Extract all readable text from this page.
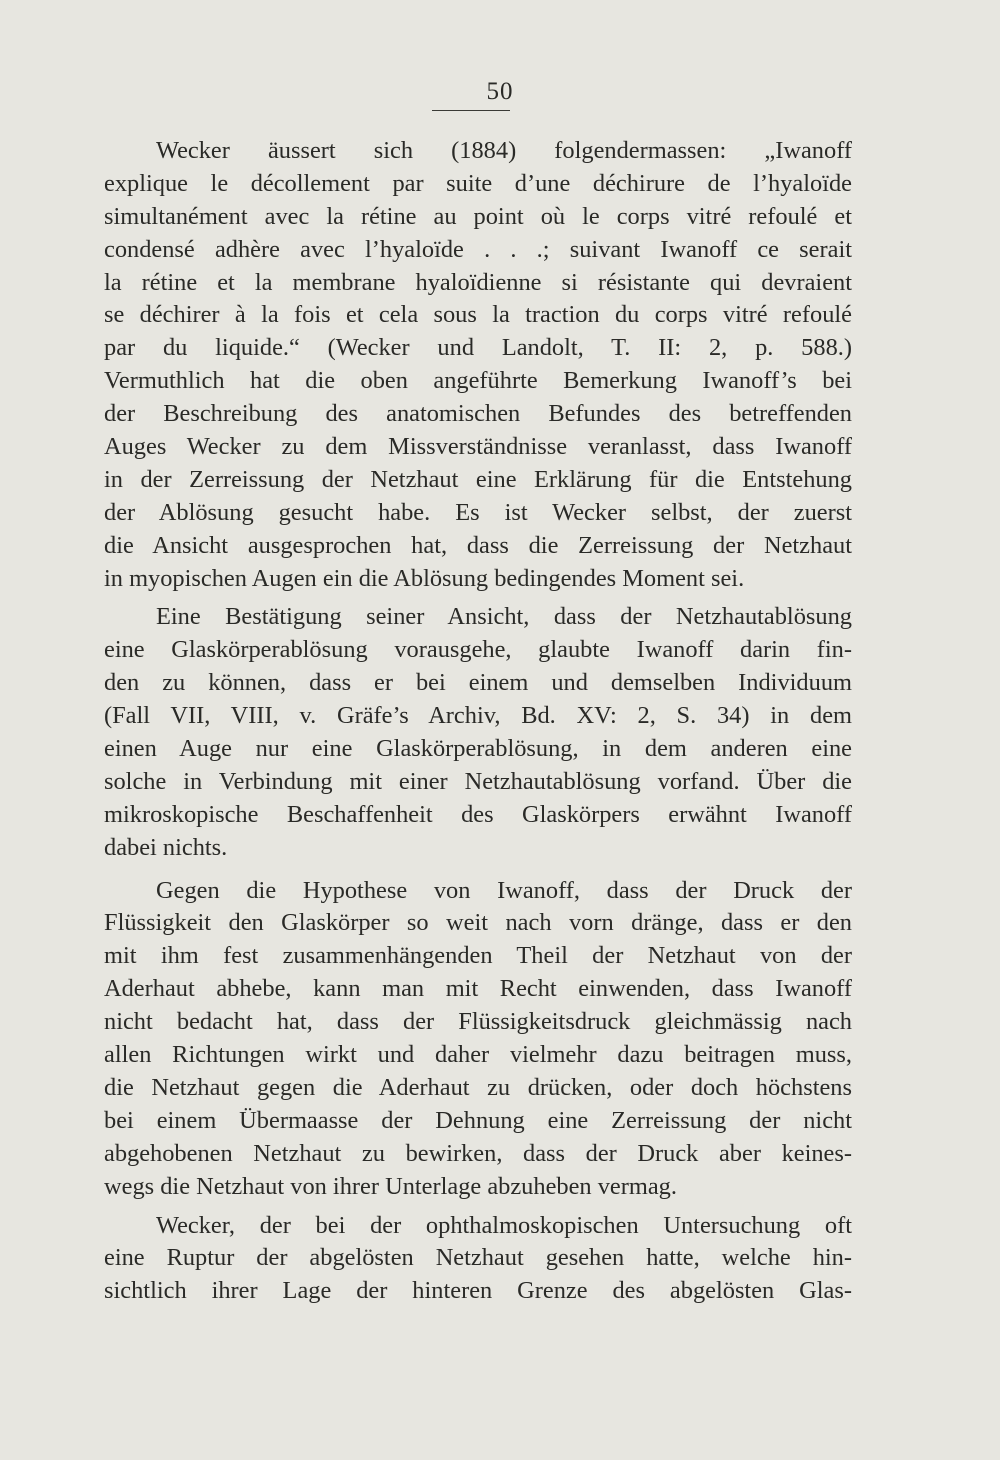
50
Wecker äussert sich (1884) folgendermassen: „Iwanoff
explique le décollement par suite d’une déchirure de l’hyaloïde
simultanément avec la rétine au point où le corps vitré refoulé et
condensé adhère avec l’hyaloïde . . .; suivant Iwanoff ce serait
la rétine et la membrane hyaloïdienne si résistante qui devraient
se déchirer à la fois et cela sous la traction du corps vitré refoulé
par du liquide.“ (Wecker und Landolt, T. II: 2, p. 588.)
Vermuthlich hat die oben angeführte Bemerkung Iwanoff’s bei
der Beschreibung des anatomischen Befundes des betreffenden
Auges Wecker zu dem Missverständnisse veranlasst, dass Iwanoff
in der Zerreissung der Netzhaut eine Erklärung für die Entstehung
der Ablösung gesucht habe. Es ist Wecker selbst, der zuerst
die Ansicht ausgesprochen hat, dass die Zerreissung der Netzhaut
in myopischen Augen ein die Ablösung bedingendes Moment sei.
Eine Bestätigung seiner Ansicht, dass der Netzhautablösung
eine Glaskörperablösung vorausgehe, glaubte Iwanoff darin fin-
den zu können, dass er bei einem und demselben Individuum
(Fall VII, VIII, v. Gräfe’s Archiv, Bd. XV: 2, S. 34) in dem
einen Auge nur eine Glaskörperablösung, in dem anderen eine
solche in Verbindung mit einer Netzhautablösung vorfand. Über die
mikroskopische Beschaffenheit des Glaskörpers erwähnt Iwanoff
dabei nichts.
Gegen die Hypothese von Iwanoff, dass der Druck der
Flüssigkeit den Glaskörper so weit nach vorn dränge, dass er den
mit ihm fest zusammenhängenden Theil der Netzhaut von der
Aderhaut abhebe, kann man mit Recht einwenden, dass Iwanoff
nicht bedacht hat, dass der Flüssigkeitsdruck gleichmässig nach
allen Richtungen wirkt und daher vielmehr dazu beitragen muss,
die Netzhaut gegen die Aderhaut zu drücken, oder doch höchstens
bei einem Übermaasse der Dehnung eine Zerreissung der nicht
abgehobenen Netzhaut zu bewirken, dass der Druck aber keines-
wegs die Netzhaut von ihrer Unterlage abzuheben vermag.
Wecker, der bei der ophthalmoskopischen Untersuchung oft
eine Ruptur der abgelösten Netzhaut gesehen hatte, welche hin-
sichtlich ihrer Lage der hinteren Grenze des abgelösten Glas-
